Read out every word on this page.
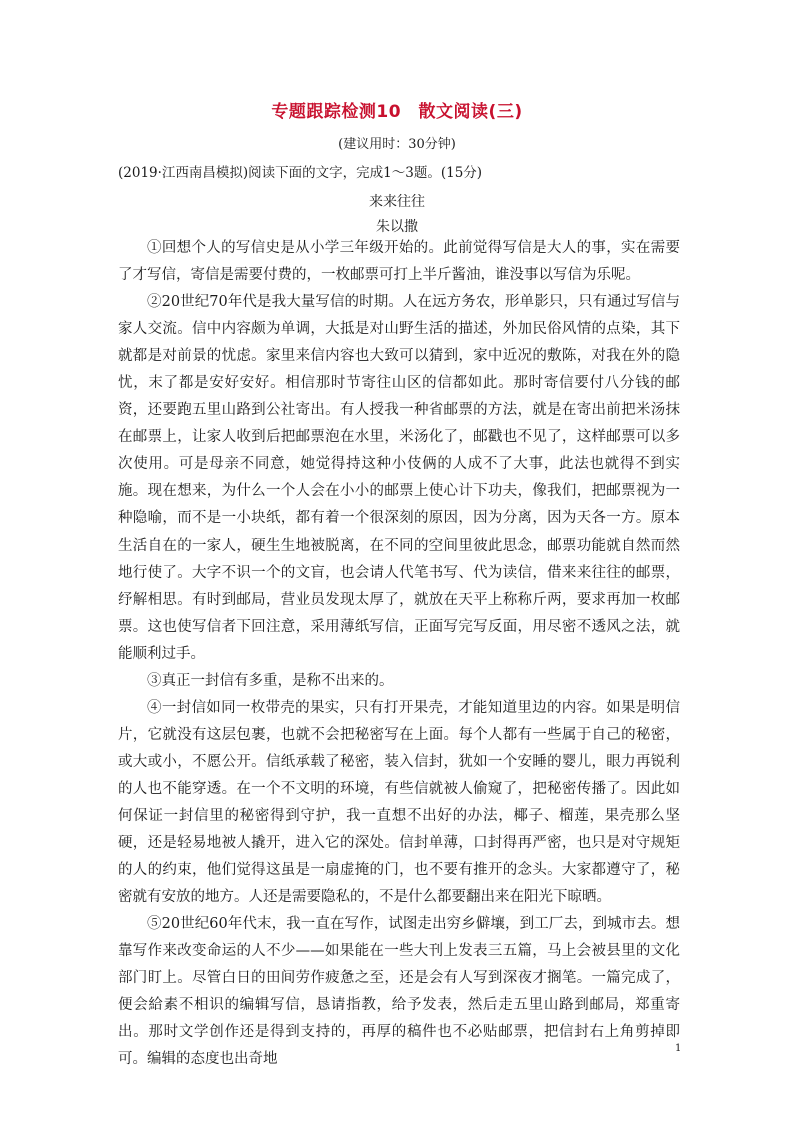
专题跟踪检测10　散文阅读(三)
(建议用时：30分钟)
(2019·江西南昌模拟)阅读下面的文字，完成1～3题。(15分)
来来往往
朱以撒

①回想个人的写信史是从小学三年级开始的。此前觉得写信是大人的事，实在需要了才写信，寄信是需要付费的，一枚邮票可打上半斤酱油，谁没事以写信为乐呢。

②20世纪70年代是我大量写信的时期。人在远方务农，形单影只，只有通过写信与家人交流。信中内容颇为单调，大抵是对山野生活的描述，外加民俗风情的点染，其下就都是对前景的忧虑。家里来信内容也大致可以猜到，家中近况的敷陈，对我在外的隐忧，末了都是安好安好。相信那时节寄往山区的信都如此。那时寄信要付八分钱的邮资，还要跑五里山路到公社寄出。有人授我一种省邮票的方法，就是在寄出前把米汤抹在邮票上，让家人收到后把邮票泡在水里，米汤化了，邮戳也不见了，这样邮票可以多次使用。可是母亲不同意，她觉得持这种小伎俩的人成不了大事，此法也就得不到实施。现在想来，为什么一个人会在小小的邮票上使心计下功夫，像我们，把邮票视为一种隐喻，而不是一小块纸，都有着一个很深刻的原因，因为分离，因为天各一方。原本生活自在的一家人，硬生生地被脱离，在不同的空间里彼此思念，邮票功能就自然而然地行使了。大字不识一个的文盲，也会请人代笔书写、代为读信，借来来往往的邮票，纾解相思。有时到邮局，营业员发现太厚了，就放在天平上称称斤两，要求再加一枚邮票。这也使写信者下回注意，采用薄纸写信，正面写完写反面，用尽密不透风之法，就能顺利过手。

③真正一封信有多重，是称不出来的。

④一封信如同一枚带壳的果实，只有打开果壳，才能知道里边的内容。如果是明信片，它就没有这层包裹，也就不会把秘密写在上面。每个人都有一些属于自己的秘密，或大或小，不愿公开。信纸承载了秘密，装入信封，犹如一个安睡的婴儿，眼力再锐利的人也不能穿透。在一个不文明的环境，有些信就被人偷窥了，把秘密传播了。因此如何保证一封信里的秘密得到守护，我一直想不出好的办法，椰子、榴莲，果壳那么坚硬，还是轻易地被人撬开，进入它的深处。信封单薄，口封得再严密，也只是对守规矩的人的约束，他们觉得这虽是一扇虚掩的门，也不要有推开的念头。大家都遵守了，秘密就有安放的地方。人还是需要隐私的，不是什么都要翻出来在阳光下晾晒。

⑤20世纪60年代末，我一直在写作，试图走出穷乡僻壤，到工厂去，到城市去。想靠写作来改变命运的人不少——如果能在一些大刊上发表三五篇，马上会被县里的文化部门盯上。尽管白日的田间劳作疲惫之至，还是会有人写到深夜才搁笔。一篇完成了，便会給素不相识的编辑写信，恳请指教，给予发表，然后走五里山路到邮局，郑重寄出。那时文学创作还是得到支持的，再厚的稿件也不必贴邮票，把信封右上角剪掉即可。编辑的态度也出奇地

1
